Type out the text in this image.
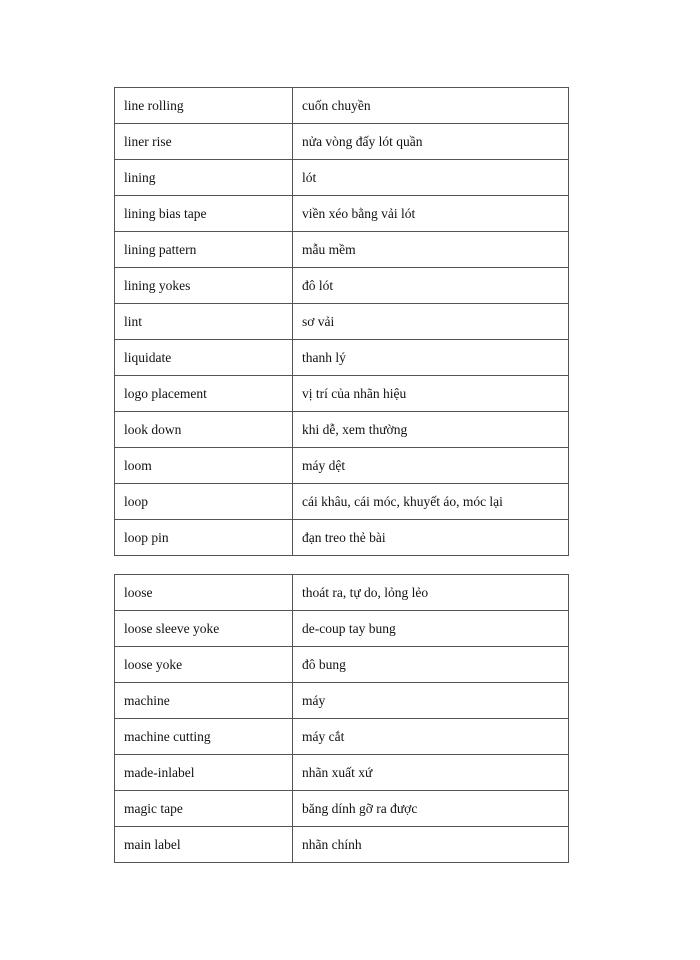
line rolling	cuốn chuyền
liner rise	nửa vòng đấy lót quần
lining	lót
lining bias tape	viền xéo bằng vải lót
lining pattern	mẫu mềm
lining yokes	đô lót
lint	sơ vải
liquidate	thanh lý
logo placement	vị trí của nhãn hiệu
look down	khi dễ, xem thường
loom	máy dệt
loop	cái khâu, cái móc, khuyết áo, móc lại
loop pin	đạn treo thẻ bài
loose	thoát ra, tự do, lỏng lẻo
loose sleeve yoke	de-coup tay bung
loose yoke	đô bung
machine	máy
machine cutting	máy cắt
made-inlabel	nhãn xuất xứ
magic tape	băng dính gỡ ra được
main label	nhãn chính
